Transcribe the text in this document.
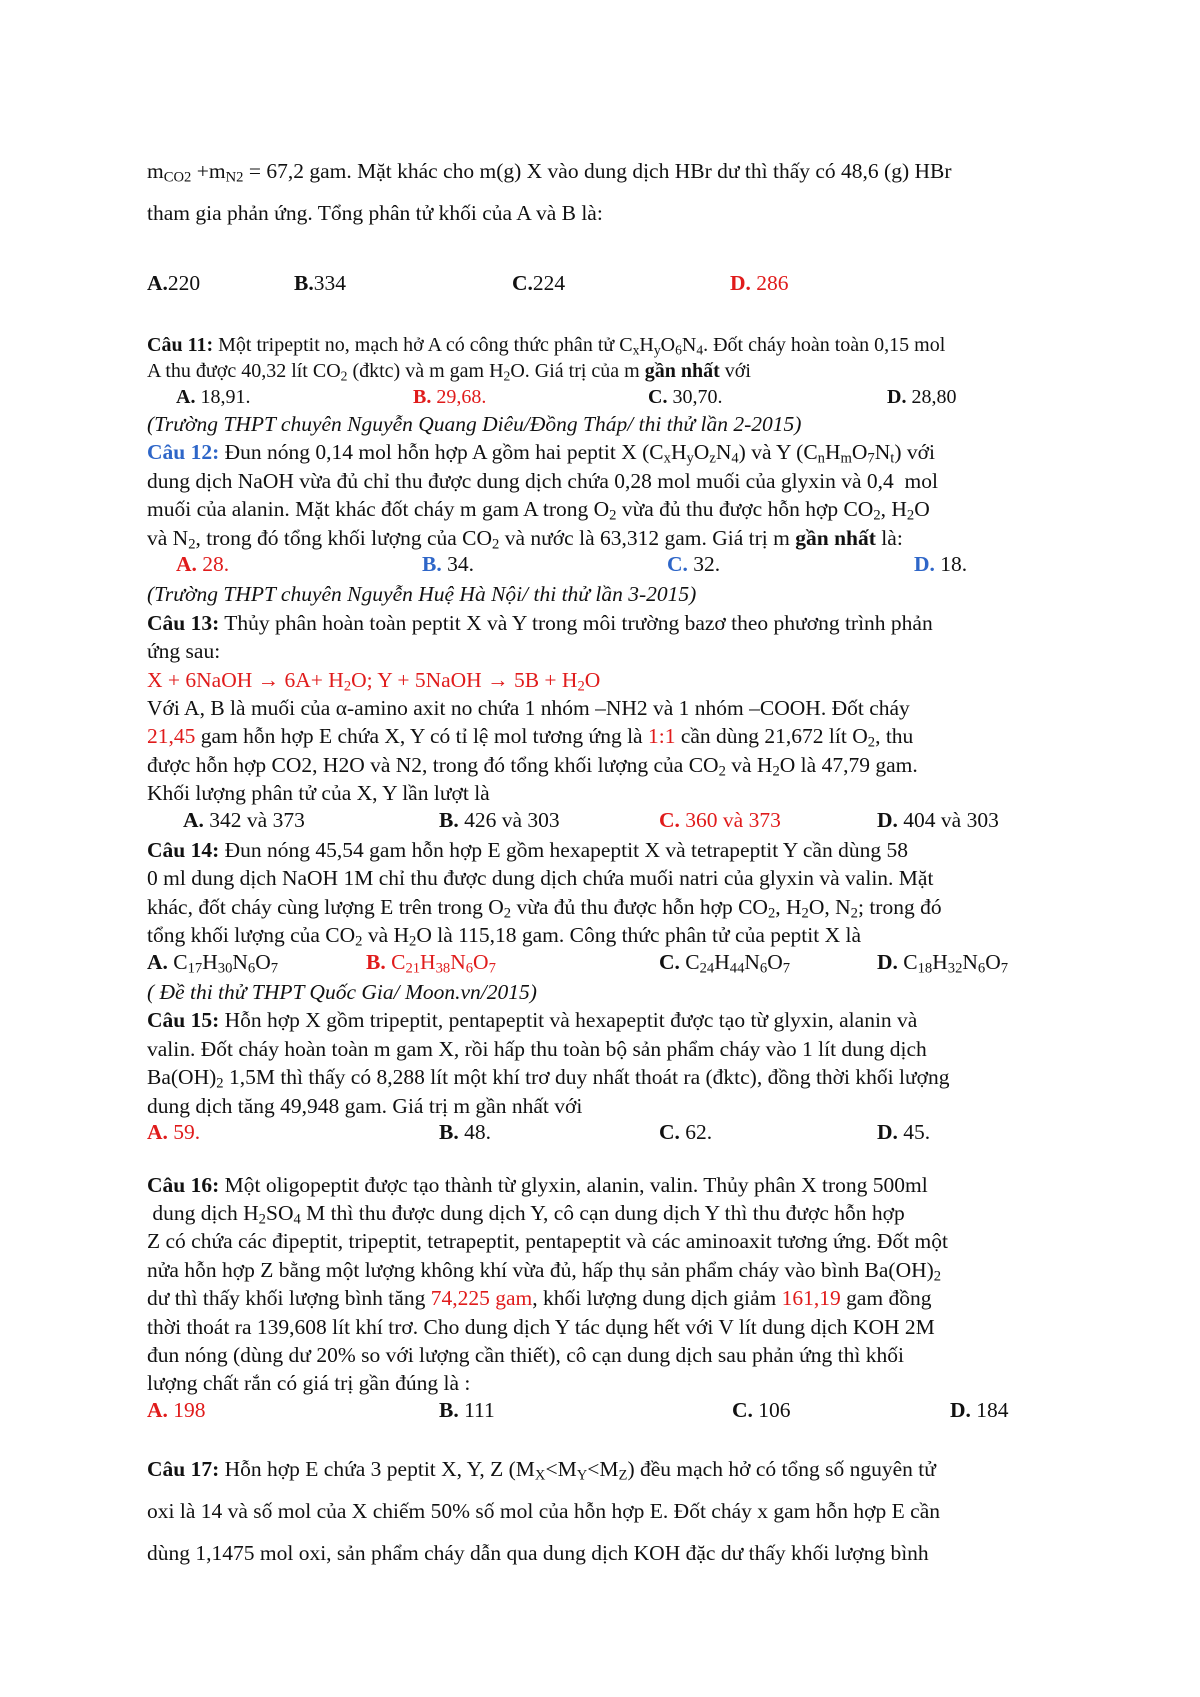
$m_{CO2} +m_{N2} = 67,2$ gam. Mặt khác cho m(g) X vào dung dịch HBr dư thì thấy có 48,6 (g) HBr

tham gia phản ứng. Tổng phân tử khối của A và B là:

A.220	B.334	C.224	D. 286

Câu 11: Một tripeptit no, mạch hở A có công thức phân tử $C_xH_yO_6N_4$. Đốt cháy hoàn toàn 0,15 mol

A thu được 40,32 lít $CO_2$ (đktc) và m gam $H_2O$. Giá trị của m gần nhất với

A. 18,91.	B. 29,68.	C. 30,70.	D. 28,80

(Trường THPT chuyên Nguyễn Quang Diêu/Đồng Tháp/ thi thử lần 2-2015)

Câu 12: Đun nóng 0,14 mol hỗn hợp A gồm hai peptit X $(C_xH_yO_zN_4)$ và Y $(C_nH_mO_7N_t)$ với

dung dịch NaOH vừa đủ chỉ thu được dung dịch chứa 0,28 mol muối của glyxin và 0,4  mol

muối của alanin. Mặt khác đốt cháy m gam A trong $O_2$ vừa đủ thu được hỗn hợp $CO_2$, $H_2O$

và $N_2$, trong đó tổng khối lượng của $CO_2$ và nước là 63,312 gam. Giá trị m gần nhất là:

A. 28.	B. 34.	C. 32.	D. 18.

(Trường THPT chuyên Nguyễn Huệ Hà Nội/ thi thử lần 3-2015)

Câu 13: Thủy phân hoàn toàn peptit X và Y trong môi trường bazơ theo phương trình phản

ứng sau:

X + 6NaOH → $6A+ H_2O$; Y + 5NaOH → $5B + H_2O$

Với A, B là muối của α-amino axit no chứa 1 nhóm –NH2 và 1 nhóm –COOH. Đốt cháy

21,45 gam hỗn hợp E chứa X, Y có tỉ lệ mol tương ứng là 1:1 cần dùng 21,672 lít $O_2$, thu

được hỗn hợp CO2, H2O và N2, trong đó tổng khối lượng của $CO_2$ và $H_2O$ là 47,79 gam.

Khối lượng phân tử của X, Y lần lượt là

A. 342 và 373	B. 426 và 303	C. 360 và 373	D. 404 và 303

Câu 14: Đun nóng 45,54 gam hỗn hợp E gồm hexapeptit X và tetrapeptit Y cần dùng 58

0 ml dung dịch NaOH 1M chỉ thu được dung dịch chứa muối natri của glyxin và valin. Mặt

khác, đốt cháy cùng lượng E trên trong $O_2$ vừa đủ thu được hỗn hợp $CO_2$, $H_2O$, $N_2$; trong đó

tổng khối lượng của $CO_2$ và $H_2O$ là 115,18 gam. Công thức phân tử của peptit X là

A. $C_{17}H_{30}N_6O_7$	B. $C_{21}H_{38}N_6O_7$	C. $C_{24}H_{44}N_6O_7$	D. $C_{18}H_{32}N_6O_7$

( Đề thi thử THPT Quốc Gia/ Moon.vn/2015)

Câu 15: Hỗn hợp X gồm tripeptit, pentapeptit và hexapeptit được tạo từ glyxin, alanin và

valin. Đốt cháy hoàn toàn m gam X, rồi hấp thu toàn bộ sản phẩm cháy vào 1 lít dung dịch

$Ba(OH)_2$ 1,5M thì thấy có 8,288 lít một khí trơ duy nhất thoát ra (đktc), đồng thời khối lượng

dung dịch tăng 49,948 gam. Giá trị m gần nhất với

A. 59.	B. 48.	C. 62.	D. 45.

Câu 16: Một oligopeptit được tạo thành từ glyxin, alanin, valin. Thủy phân X trong 500ml

dung dịch $H_2SO_4$ M thì thu được dung dịch Y, cô cạn dung dịch Y thì thu được hỗn hợp

Z có chứa các đipeptit, tripeptit, tetrapeptit, pentapeptit và các aminoaxit tương ứng. Đốt một

nửa hỗn hợp Z bằng một lượng không khí vừa đủ, hấp thụ sản phẩm cháy vào bình $Ba(OH)_2$

dư thì thấy khối lượng bình tăng 74,225 gam, khối lượng dung dịch giảm 161,19 gam đồng

thời thoát ra 139,608 lít khí trơ. Cho dung dịch Y tác dụng hết với V lít dung dịch KOH 2M

đun nóng (dùng dư 20% so với lượng cần thiết), cô cạn dung dịch sau phản ứng thì khối

lượng chất rắn có giá trị gần đúng là :

A. 198	B. 111	C. 106	D. 184

Câu 17: Hỗn hợp E chứa 3 peptit X, Y, Z $(M_X<M_Y<M_Z)$ đều mạch hở có tổng số nguyên tử

oxi là 14 và số mol của X chiếm 50% số mol của hỗn hợp E. Đốt cháy x gam hỗn hợp E cần

dùng 1,1475 mol oxi, sản phẩm cháy dẫn qua dung dịch KOH đặc dư thấy khối lượng bình
